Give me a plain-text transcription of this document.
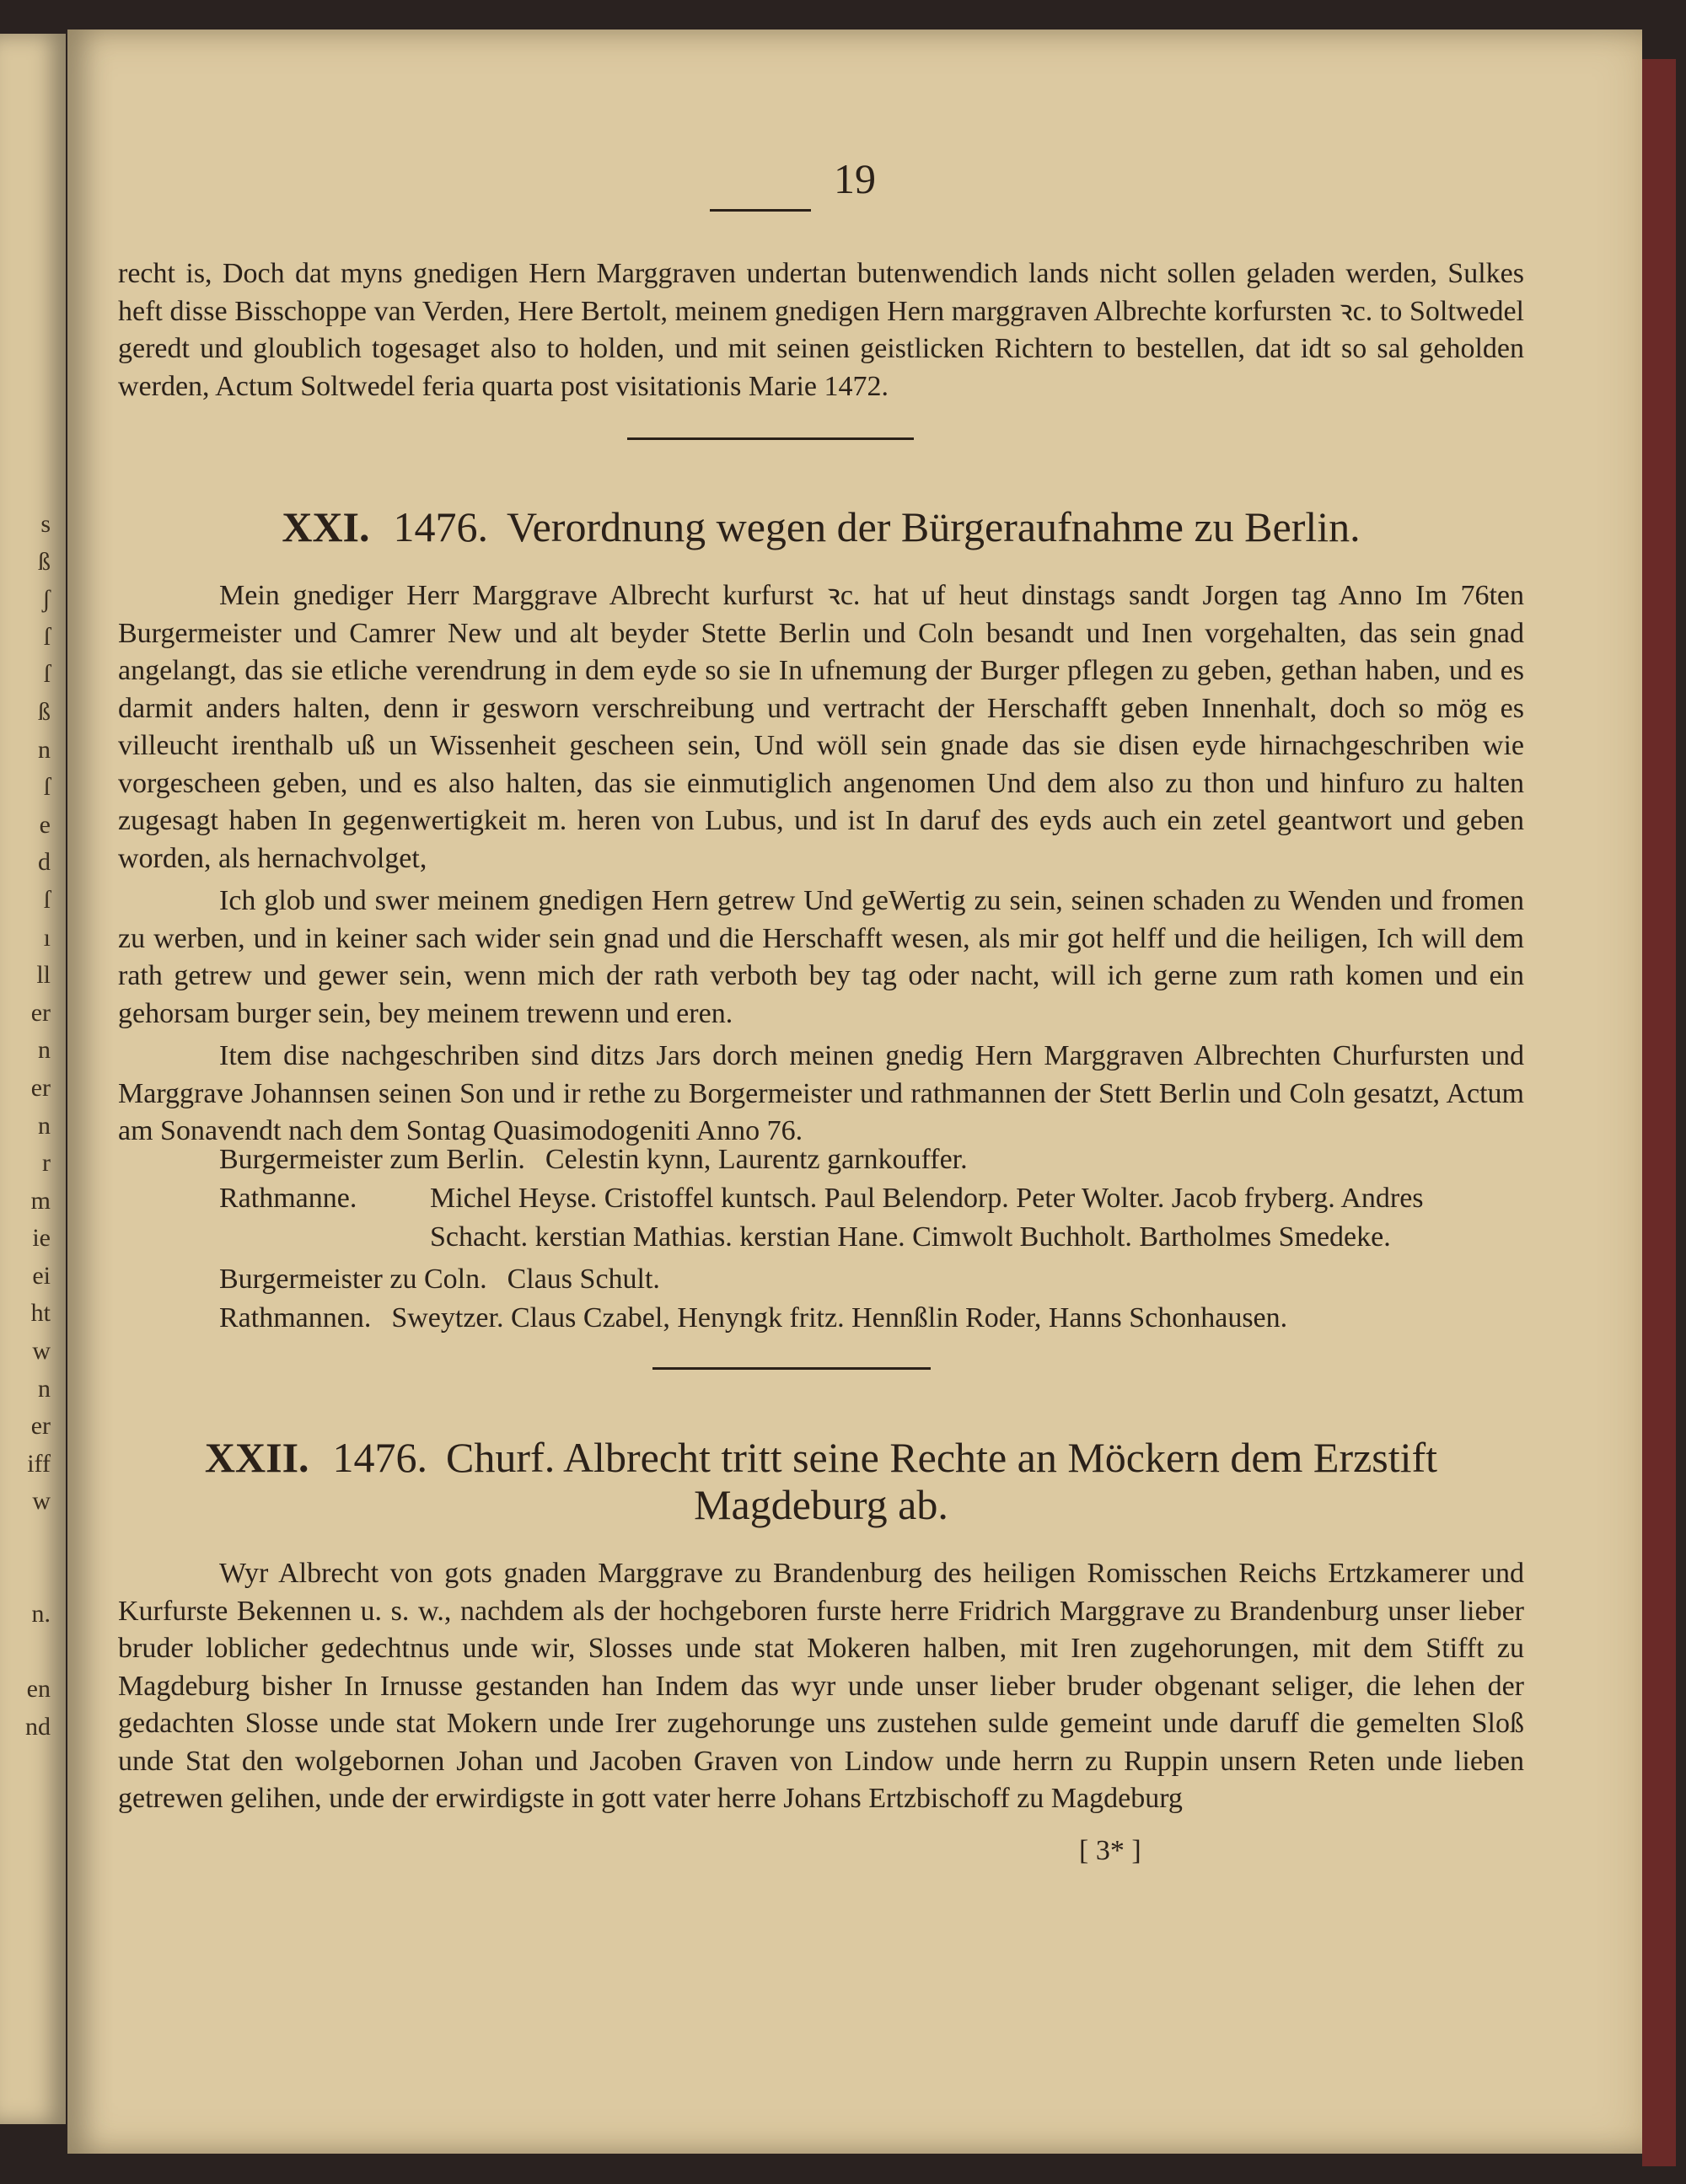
s
ß
ʃ
ſ
ſ
ß
n
ſ
e
d
ſ
ı
ll
er
n
er
n
r
m
ie
ei
ht
w
n
er
iff
w
n.
en
nd
19
recht is, Doch dat myns gnedigen Hern Marggraven undertan butenwendich lands nicht sollen geladen werden, Sulkes heft disse Bisschoppe van Verden, Here Bertolt, meinem gnedigen Hern marggraven Albrechte korfursten ꝛc. to Soltwedel geredt und gloublich togesaget also to holden, und mit seinen geistlicken Richtern to bestellen, dat idt so sal geholden werden, Actum Soltwedel feria quarta post visitationis Marie 1472.
XXI. 1476. Verordnung wegen der Bürgeraufnahme zu Berlin.
Mein gnediger Herr Marggrave Albrecht kurfurst ꝛc. hat uf heut dinstags sandt Jorgen tag Anno Im 76ten Burgermeister und Camrer New und alt beyder Stette Berlin und Coln besandt und Inen vorgehalten, das sein gnad angelangt, das sie etliche verendrung in dem eyde so sie In ufnemung der Burger pflegen zu geben, gethan haben, und es darmit anders halten, denn ir gesworn verschreibung und vertracht der Herschafft geben Innenhalt, doch so mög es villeucht irenthalb uß un Wissenheit gescheen sein, Und wöll sein gnade das sie disen eyde hirnachgeschriben wie vorgescheen geben, und es also halten, das sie einmutiglich angenomen Und dem also zu thon und hinfuro zu halten zugesagt haben In gegenwertigkeit m. heren von Lubus, und ist In daruf des eyds auch ein zetel geantwort und geben worden, als hernachvolget,
Ich glob und swer meinem gnedigen Hern getrew Und geWertig zu sein, seinen schaden zu Wenden und fromen zu werben, und in keiner sach wider sein gnad und die Herschafft wesen, als mir got helff und die heiligen, Ich will dem rath getrew und gewer sein, wenn mich der rath verboth bey tag oder nacht, will ich gerne zum rath komen und ein gehorsam burger sein, bey meinem trewenn und eren.
Item dise nachgeschriben sind ditzs Jars dorch meinen gnedig Hern Marggraven Albrechten Churfursten und Marggrave Johannsen seinen Son und ir rethe zu Borgermeister und rathmannen der Stett Berlin und Coln gesatzt, Actum am Sonavendt nach dem Sontag Quasimodogeniti Anno 76.
Burgermeister zum Berlin. Celestin kynn, Laurentz garnkouffer.
Rathmanne.	Michel Heyse. Cristoffel kuntsch. Paul Belendorp. Peter Wolter. Jacob fryberg. Andres Schacht. kerstian Mathias. kerstian Hane. Cimwolt Buchholt. Bartholmes Smedeke.
Burgermeister zu Coln. Claus Schult.
Rathmannen. Sweytzer. Claus Czabel, Henyngk fritz. Hennßlin Roder, Hanns Schonhausen.
XXII. 1476. Churf. Albrecht tritt seine Rechte an Möckern dem Erzstift Magdeburg ab.
Wyr Albrecht von gots gnaden Marggrave zu Brandenburg des heiligen Romisschen Reichs Ertzkamerer und Kurfurste Bekennen u. s. w., nachdem als der hochgeboren furste herre Fridrich Marggrave zu Brandenburg unser lieber bruder loblicher gedechtnus unde wir, Slosses unde stat Mokeren halben, mit Iren zugehorungen, mit dem Stifft zu Magdeburg bisher In Irnusse gestanden han Indem das wyr unde unser lieber bruder obgenant seliger, die lehen der gedachten Slosse unde stat Mokern unde Irer zugehorunge uns zustehen sulde gemeint unde daruff die gemelten Sloß unde Stat den wolgebornen Johan und Jacoben Graven von Lindow unde herrn zu Ruppin unsern Reten unde lieben getrewen gelihen, unde der erwirdigste in gott vater herre Johans Ertzbischoff zu Magdeburg
[ 3* ]
